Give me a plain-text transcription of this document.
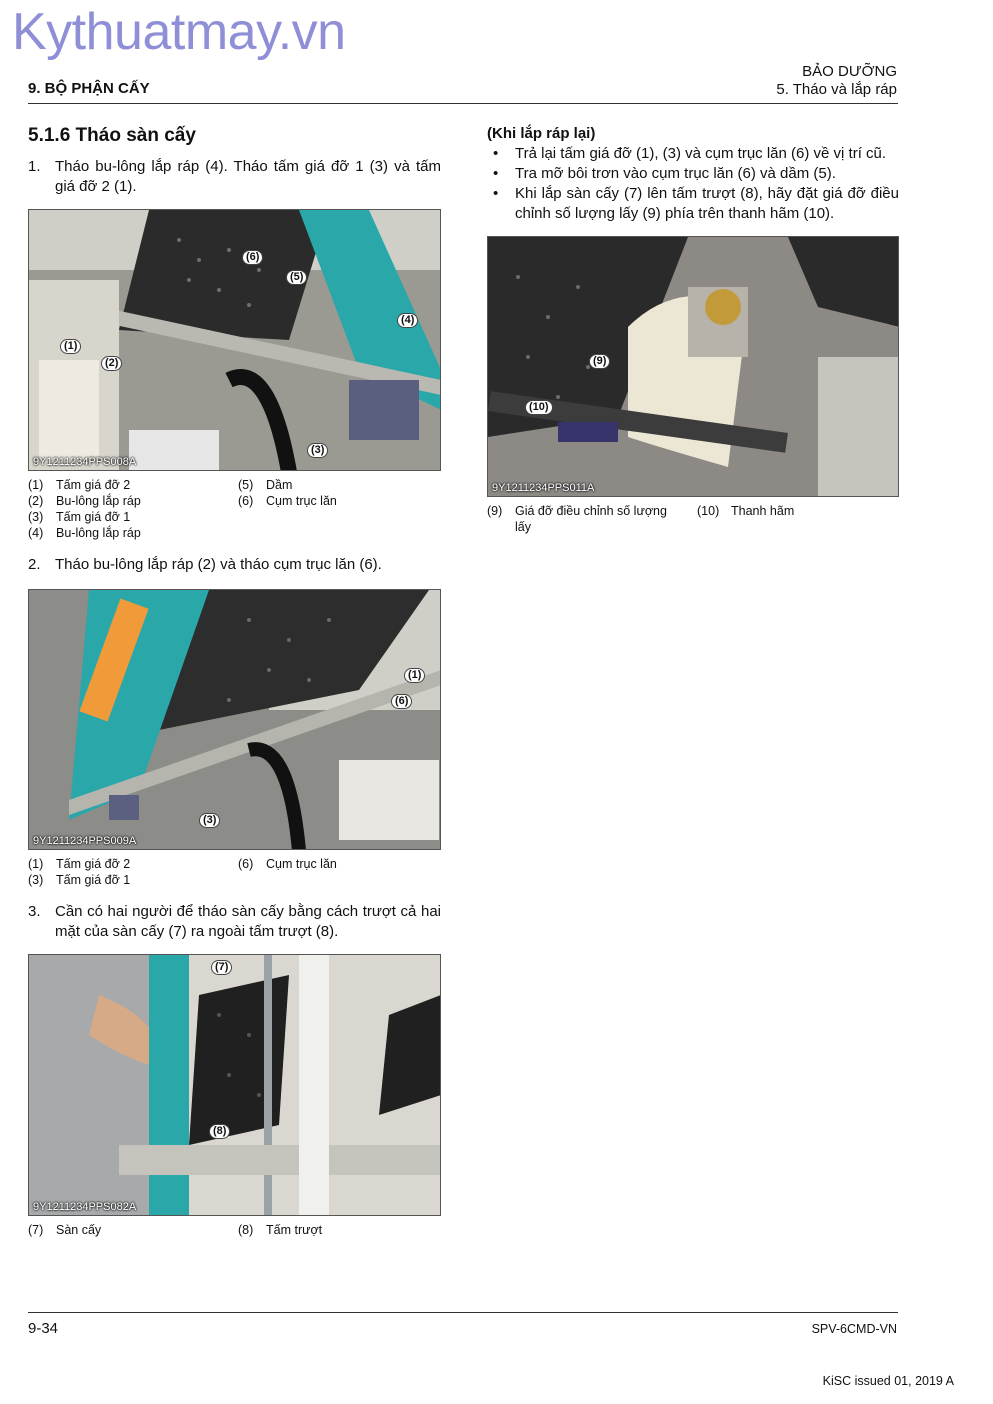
Kythuatmay.vn
9. BỘ PHẬN CẤY
BẢO DƯỠNG
5. Tháo và lắp ráp
5.1.6 Tháo sàn cấy
1. Tháo bu-lông lắp ráp (4). Tháo tấm giá đỡ 1 (3) và tấm giá đỡ 2 (1).
(6)
(5)
(4)
(1)
(2)
(3)
9Y1211234PPS008A
(1)	Tấm giá đỡ 2	(5)	Dầm
(2)	Bu-lông lắp ráp	(6)	Cụm trục lăn
(3)	Tấm giá đỡ 1
(4)	Bu-lông lắp ráp
2. Tháo bu-lông lắp ráp (2) và tháo cụm trục lăn (6).
(1)
(6)
(3)
9Y1211234PPS009A
(1)	Tấm giá đỡ 2	(6)	Cụm trục lăn
(3)	Tấm giá đỡ 1
3. Cần có hai người để tháo sàn cấy bằng cách trượt cả hai mặt của sàn cấy (7) ra ngoài tấm trượt (8).
(7)
(8)
9Y1211234PPS082A
(7)	Sàn cấy	(8)	Tấm trượt
(Khi lắp ráp lại)
•	Trả lại tấm giá đỡ (1), (3) và cụm trục lăn (6) về vị trí cũ.
•	Tra mỡ bôi trơn vào cụm trục lăn (6) và dầm (5).
•	Khi lắp sàn cấy (7) lên tấm trượt (8), hãy đặt giá đỡ điều chỉnh số lượng lấy (9) phía trên thanh hãm (10).
(9)
(10)
9Y1211234PPS011A
(9)	Giá đỡ điều chỉnh số lượng lấy
(10) Thanh hãm
9-34	SPV-6CMD-VN
KiSC issued 01, 2019 A
